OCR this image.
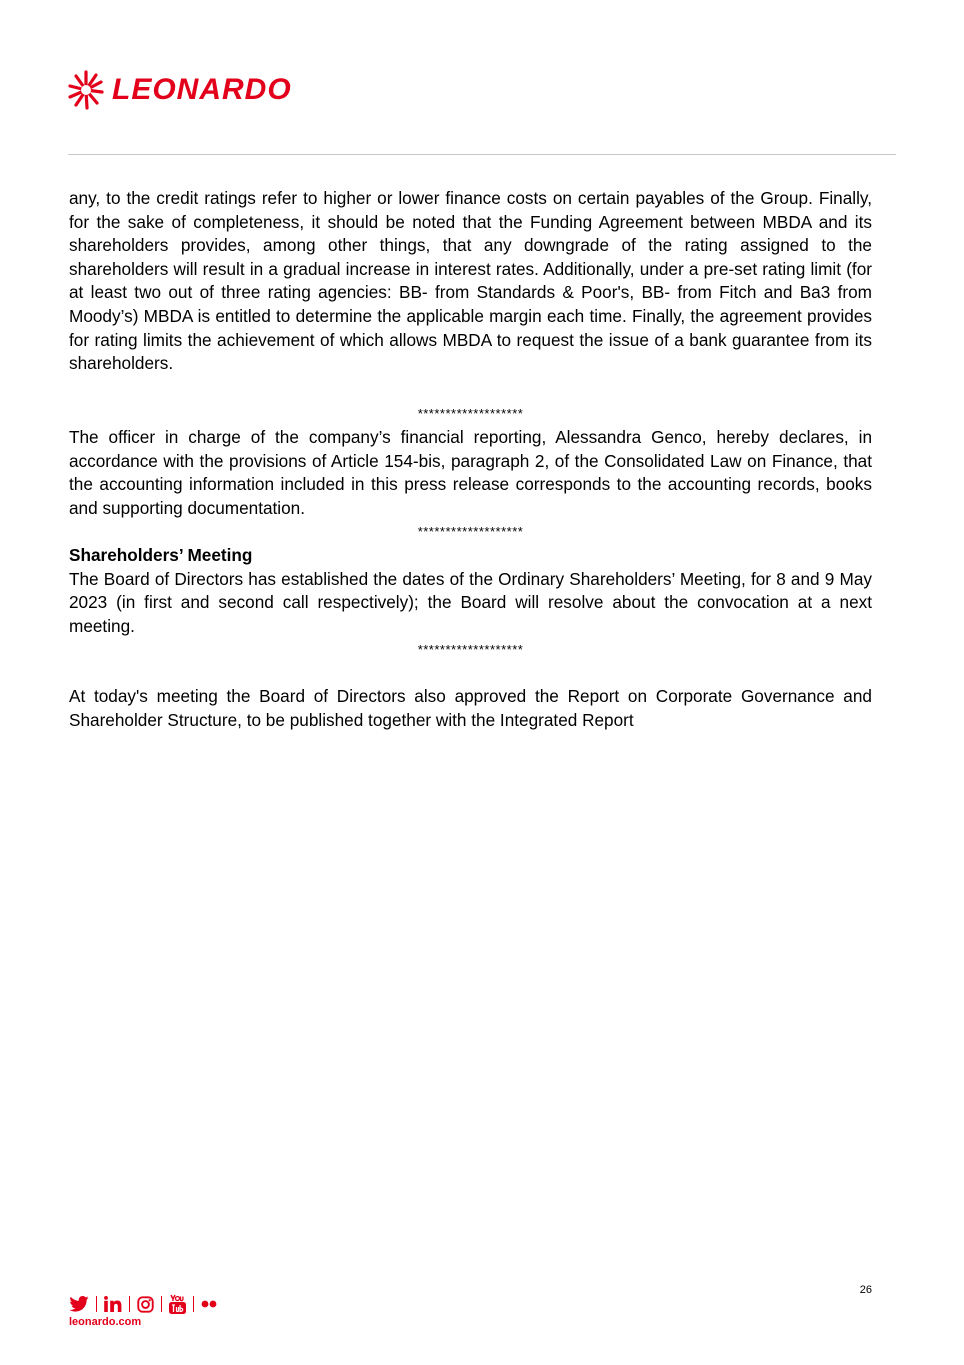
LEONARDO

any, to the credit ratings refer to higher or lower finance costs on certain payables of the Group. Finally, for the sake of completeness, it should be noted that the Funding Agreement between MBDA and its shareholders provides, among other things, that any downgrade of the rating assigned to the shareholders will result in a gradual increase in interest rates. Additionally, under a pre-set rating limit (for at least two out of three rating agencies: BB- from Standards & Poor's, BB- from Fitch and Ba3 from Moody’s) MBDA is entitled to determine the applicable margin each time. Finally, the agreement provides for rating limits the achievement of which allows MBDA to request the issue of a bank guarantee from its shareholders.

*******************

The officer in charge of the company’s financial reporting, Alessandra Genco, hereby declares, in accordance with the provisions of Article 154-bis, paragraph 2, of the Consolidated Law on Finance, that the accounting information included in this press release corresponds to the accounting records, books and supporting documentation.

*******************

Shareholders’ Meeting

The Board of Directors has established the dates of the Ordinary Shareholders’ Meeting, for 8 and 9 May 2023 (in first and second call respectively); the Board will resolve about the convocation at a next meeting.

*******************

At today's meeting the Board of Directors also approved the Report on Corporate Governance and Shareholder Structure, to be published together with the Integrated Report

26
leonardo.com
